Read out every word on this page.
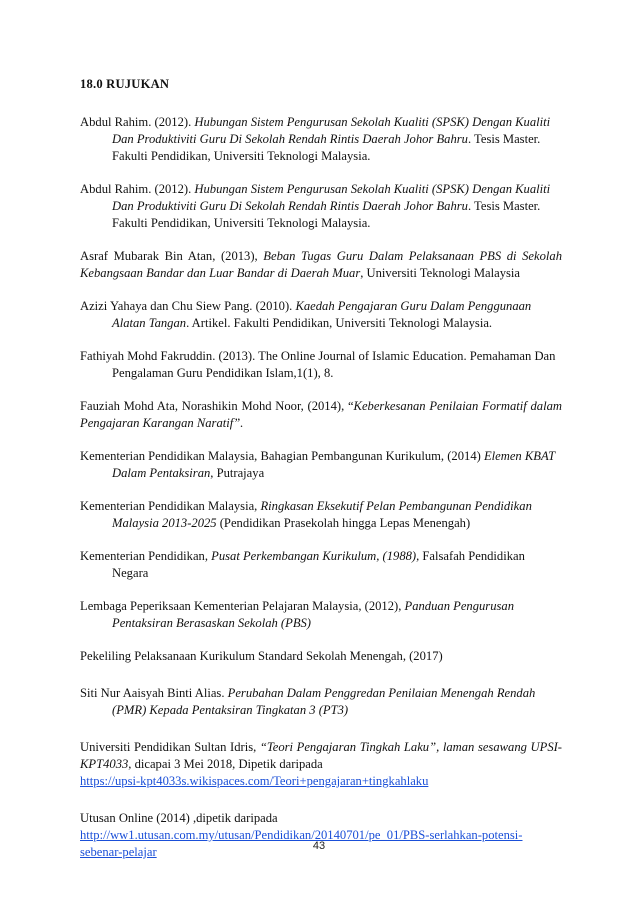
18.0 RUJUKAN

Abdul Rahim. (2012). Hubungan Sistem Pengurusan Sekolah Kualiti (SPSK) Dengan Kualiti Dan Produktiviti Guru Di Sekolah Rendah Rintis Daerah Johor Bahru. Tesis Master. Fakulti Pendidikan, Universiti Teknologi Malaysia.

Abdul Rahim. (2012). Hubungan Sistem Pengurusan Sekolah Kualiti (SPSK) Dengan Kualiti Dan Produktiviti Guru Di Sekolah Rendah Rintis Daerah Johor Bahru. Tesis Master. Fakulti Pendidikan, Universiti Teknologi Malaysia.

Asraf Mubarak Bin Atan, (2013), Beban Tugas Guru Dalam Pelaksanaan PBS di Sekolah Kebangsaan Bandar dan Luar Bandar di Daerah Muar, Universiti Teknologi Malaysia

Azizi Yahaya dan Chu Siew Pang. (2010). Kaedah Pengajaran Guru Dalam Penggunaan Alatan Tangan. Artikel. Fakulti Pendidikan, Universiti Teknologi Malaysia.

Fathiyah Mohd Fakruddin. (2013). The Online Journal of Islamic Education. Pemahaman Dan Pengalaman Guru Pendidikan Islam,1(1), 8.

Fauziah Mohd Ata, Norashikin Mohd Noor, (2014), “Keberkesanan Penilaian Formatif dalam Pengajaran Karangan Naratif”.

Kementerian Pendidikan Malaysia, Bahagian Pembangunan Kurikulum, (2014) Elemen KBAT Dalam Pentaksiran, Putrajaya

Kementerian Pendidikan Malaysia, Ringkasan Eksekutif Pelan Pembangunan Pendidikan Malaysia 2013-2025 (Pendidikan Prasekolah hingga Lepas Menengah)

Kementerian Pendidikan, Pusat Perkembangan Kurikulum, (1988), Falsafah Pendidikan Negara

Lembaga Peperiksaan Kementerian Pelajaran Malaysia, (2012), Panduan Pengurusan Pentaksiran Berasaskan Sekolah (PBS)

Pekeliling Pelaksanaan Kurikulum Standard Sekolah Menengah, (2017)

Siti Nur Aaisyah Binti Alias. Perubahan Dalam Penggredan Penilaian Menengah Rendah (PMR) Kepada Pentaksiran Tingkatan 3 (PT3)

Universiti Pendidikan Sultan Idris, “Teori Pengajaran Tingkah Laku”, laman sesawang UPSI- KPT4033, dicapai 3 Mei 2018, Dipetik daripada
https://upsi-kpt4033s.wikispaces.com/Teori+pengajaran+tingkahlaku

Utusan Online (2014) ,dipetik daripada
http://ww1.utusan.com.my/utusan/Pendidikan/20140701/pe_01/PBS-serlahkan-potensi-sebenar-pelajar	43
